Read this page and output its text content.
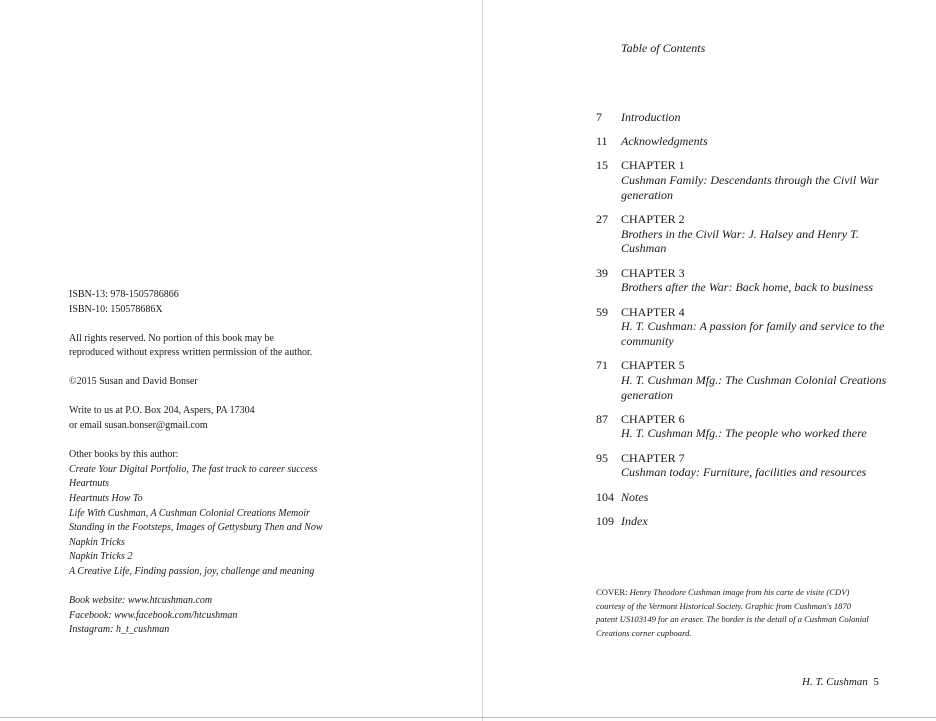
ISBN-13: 978-1505786866

ISBN-10: 150578686X

All rights reserved. No portion of this book may be

reproduced without express written permission of the author.

©2015 Susan and David Bonser

Write to us at P.O. Box 204, Aspers, PA 17304

or email susan.bonser@gmail.com

Other books by this author:

Create Your Digital Portfolio, The fast track to career success

Heartnuts

Heartnuts How To

Life With Cushman, A Cushman Colonial Creations Memoir

Standing in the Footsteps, Images of Gettysburg Then and Now

Napkin Tricks

Napkin Tricks 2

A Creative Life, Finding passion, joy, challenge and meaning

Book website: www.htcushman.com

Facebook: www.facebook.com/htcushman

Instagram: h_t_cushman

Table of Contents
7	Introduction
11	Acknowledgments
15	CHAPTER 1
Cushman Family: Descendants through the Civil War generation
27	CHAPTER 2
Brothers in the Civil War: J. Halsey and Henry T. Cushman
39	CHAPTER 3
Brothers after the War: Back home, back to business
59	CHAPTER 4
H. T. Cushman: A passion for family and service to the community
71	CHAPTER 5
H. T. Cushman Mfg.: The Cushman Colonial Creations generation
87	CHAPTER 6
H. T. Cushman Mfg.: The people who worked there
95	CHAPTER 7
Cushman today: Furniture, facilities and resources
104 Notes
109 Index
COVER: Henry Theodore Cushman image from his carte de visite (CDV) courtesy of the Vermont Historical Society. Graphic from Cushman's 1870 patent US103149 for an eraser. The border is the detail of a Cushman Colonial Creations corner cupboard.
H. T. Cushman 5
